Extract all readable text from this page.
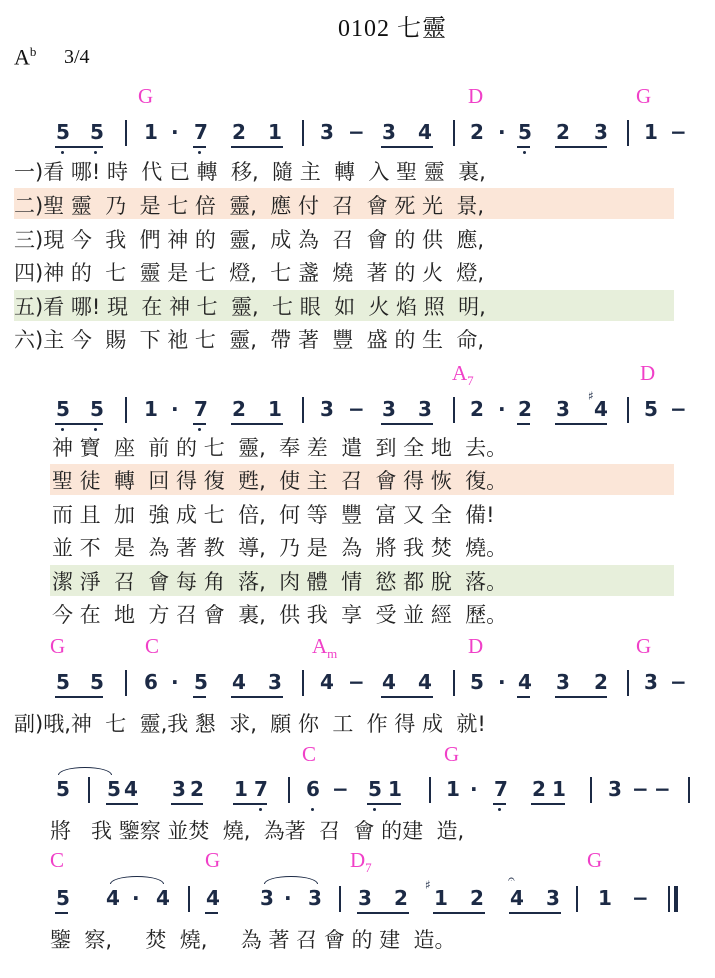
0102 七靈
$A^b$ 3/4
G	D	G
5 5 1 · 7 2 1 3 − 3 4 2 · 5 2 3 1 −
一)看 哪! 時  代 已 轉  移,  隨 主  轉  入 聖 靈  裏,
二)聖 靈  乃  是 七 倍  靈,  應 付  召  會 死 光  景,
三)現 今  我  們 神 的  靈,  成 為  召  會 的 供  應,
四)神 的  七  靈 是 七  燈,  七 盞  燒  著 的 火  燈,
五)看 哪! 現  在 神 七  靈,  七 眼  如  火 焰 照  明,
六)主 今  賜  下 祂 七  靈,  帶 著  豐  盛 的 生  命,
$A_7$	D
5 5 1 · 7 2 1 3 − 3 3 2 · 2 3
♯
4 5 −
神 寶  座  前 的 七  靈,  奉 差  遣  到 全 地  去。
聖 徒  轉  回 得 復  甦,  使 主  召  會 得 恢  復。
而 且  加  強 成 七  倍,  何 等  豐  富 又 全  備!
並 不  是  為 著 教  導,  乃 是  為  將 我 焚  燒。
潔 淨  召  會 每 角  落,  肉 體  情  慾 都 脫  落。
今 在  地  方 召 會  裏,  供 我  享  受 並 經  歷。
G	C	$A_m$	D	G
5 5 6 · 5 4 3 4 − 4 4 5 · 4 3 2 3 −
副)哦,神  七  靈,我 懇  求,  願 你  工  作 得 成  就!
C	G
5 5 4 3 2 1 7 6 − 5 1 1 · 7 2 1 3 − −
將   我 鑒察 並焚  燒,  為著  召  會 的建  造,
C	G	$D_7$	G
5 4 · 4 4 3 · 3 3 2
♯
1 2
𝄐
4 3 1 −
鑒  察,     焚  燒,     為 著 召 會 的 建  造。
